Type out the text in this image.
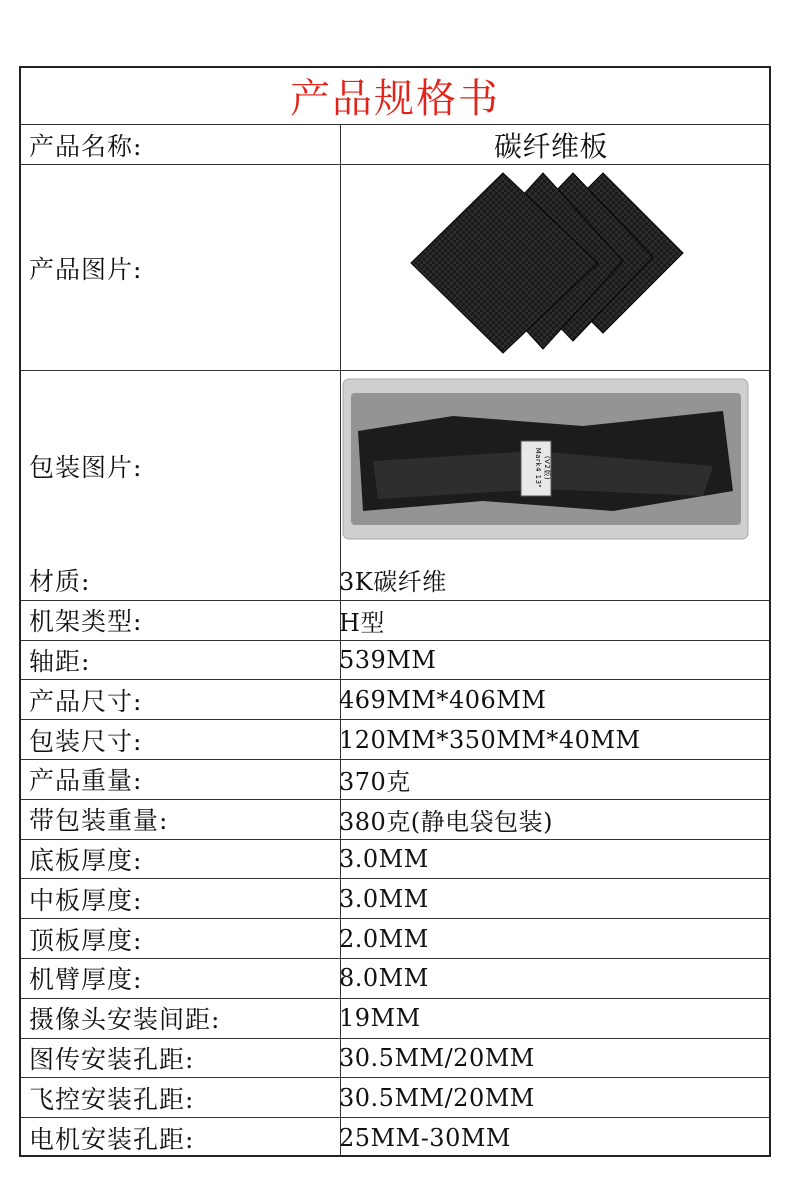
产品规格书
产品名称:	碳纤维板
产品图片:
包装图片:	Mark4 13" (V2版)
材质:	3K碳纤维
机架类型:	H型
轴距:	539MM
产品尺寸:	469MM*406MM
包装尺寸:	120MM*350MM*40MM
产品重量:	370克
带包装重量:	380克(静电袋包装)
底板厚度:	3.0MM
中板厚度:	3.0MM
顶板厚度:	2.0MM
机臂厚度:	8.0MM
摄像头安装间距:	19MM
图传安装孔距:	30.5MM/20MM
飞控安装孔距:	30.5MM/20MM
电机安装孔距:	25MM-30MM
